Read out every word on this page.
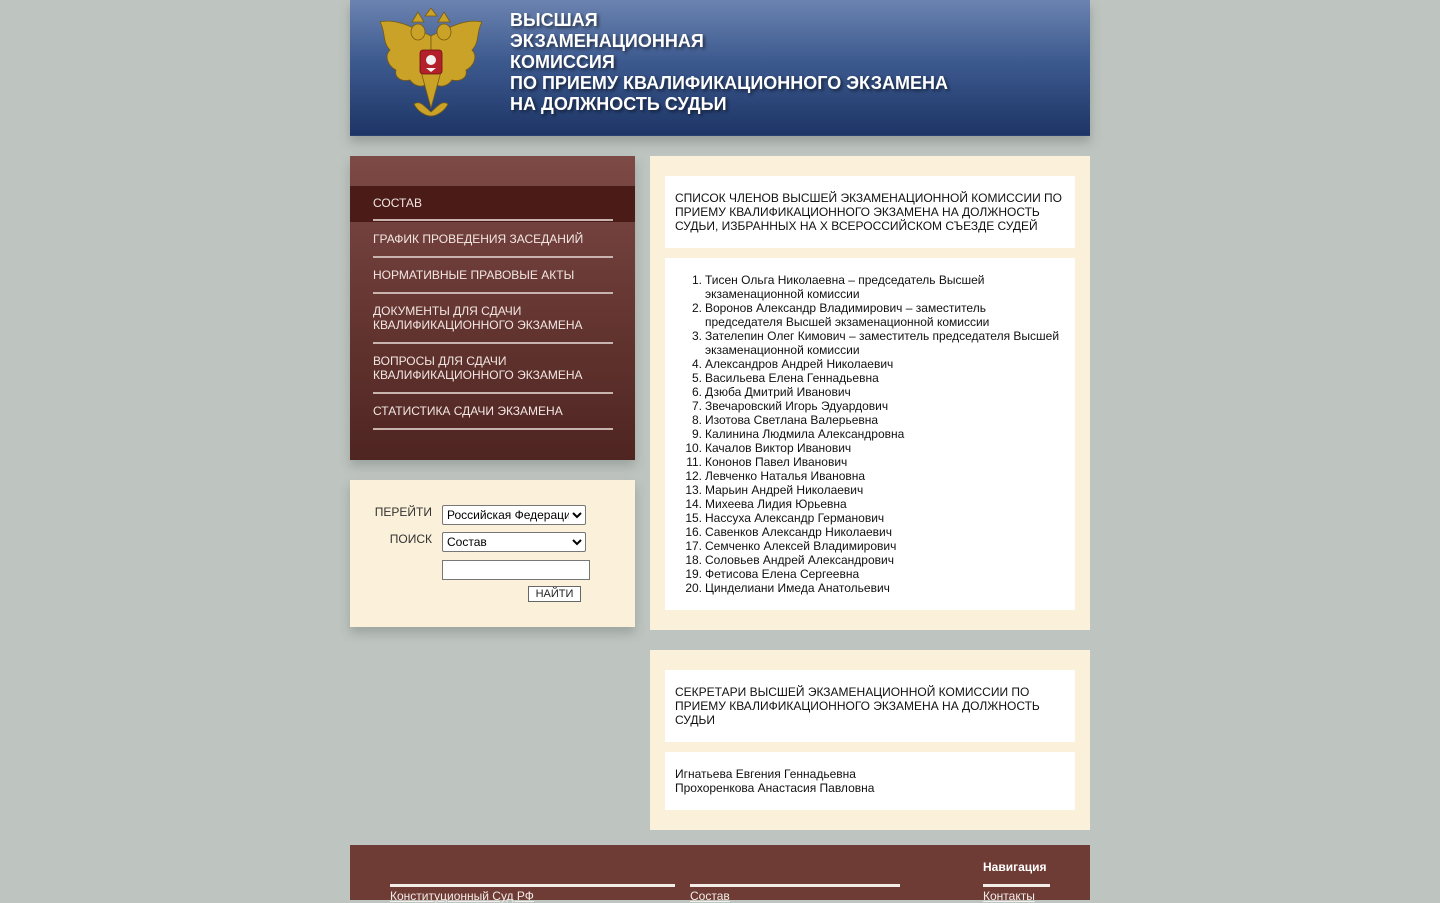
ВЫСШАЯ
ЭКЗАМЕНАЦИОННАЯ
КОМИССИЯ
ПО ПРИЕМУ КВАЛИФИКАЦИОННОГО ЭКЗАМЕНА
НА ДОЛЖНОСТЬ СУДЬИ
СОСТАВ
ГРАФИК ПРОВЕДЕНИЯ ЗАСЕДАНИЙ
НОРМАТИВНЫЕ ПРАВОВЫЕ АКТЫ
ДОКУМЕНТЫ ДЛЯ СДАЧИ КВАЛИФИКАЦИОННОГО ЭКЗАМЕНА
ВОПРОСЫ ДЛЯ СДАЧИ КВАЛИФИКАЦИОННОГО ЭКЗАМЕНА
СТАТИСТИКА СДАЧИ ЭКЗАМЕНА
ПЕРЕЙТИ
Российская Федерация
ПОИСК
Состав
НАЙТИ
СПИСОК ЧЛЕНОВ ВЫСШЕЙ ЭКЗАМЕНАЦИОННОЙ КОМИССИИ ПО ПРИЕМУ КВАЛИФИКАЦИОННОГО ЭКЗАМЕНА НА ДОЛЖНОСТЬ СУДЬИ, ИЗБРАННЫХ НА X ВСЕРОССИЙСКОМ СЪЕЗДЕ СУДЕЙ
1. Тисен Ольга Николаевна – председатель Высшей экзаменационной комиссии
2. Воронов Александр Владимирович – заместитель председателя Высшей экзаменационной комиссии
3. Зателепин Олег Кимович – заместитель председателя Высшей экзаменационной комиссии
4. Александров Андрей Николаевич
5. Васильева Елена Геннадьевна
6. Дзюба Дмитрий Иванович
7. Звечаровский Игорь Эдуардович
8. Изотова Светлана Валерьевна
9. Калинина Людмила Александровна
10. Качалов Виктор Иванович
11. Кононов Павел Иванович
12. Левченко Наталья Ивановна
13. Марьин Андрей Николаевич
14. Михеева Лидия Юрьевна
15. Нассуха Александр Германович
16. Савенков Александр Николаевич
17. Семченко Алексей Владимирович
18. Соловьев Андрей Александрович
19. Фетисова Елена Сергеевна
20. Цинделиани Имеда Анатольевич
СЕКРЕТАРИ ВЫСШЕЙ ЭКЗАМЕНАЦИОННОЙ КОМИССИИ ПО ПРИЕМУ КВАЛИФИКАЦИОННОГО ЭКЗАМЕНА НА ДОЛЖНОСТЬ СУДЬИ
Игнатьева Евгения Геннадьевна
Прохоренкова Анастасия Павловна
Навигация
Конституционный Суд РФ	Состав	Контакты
